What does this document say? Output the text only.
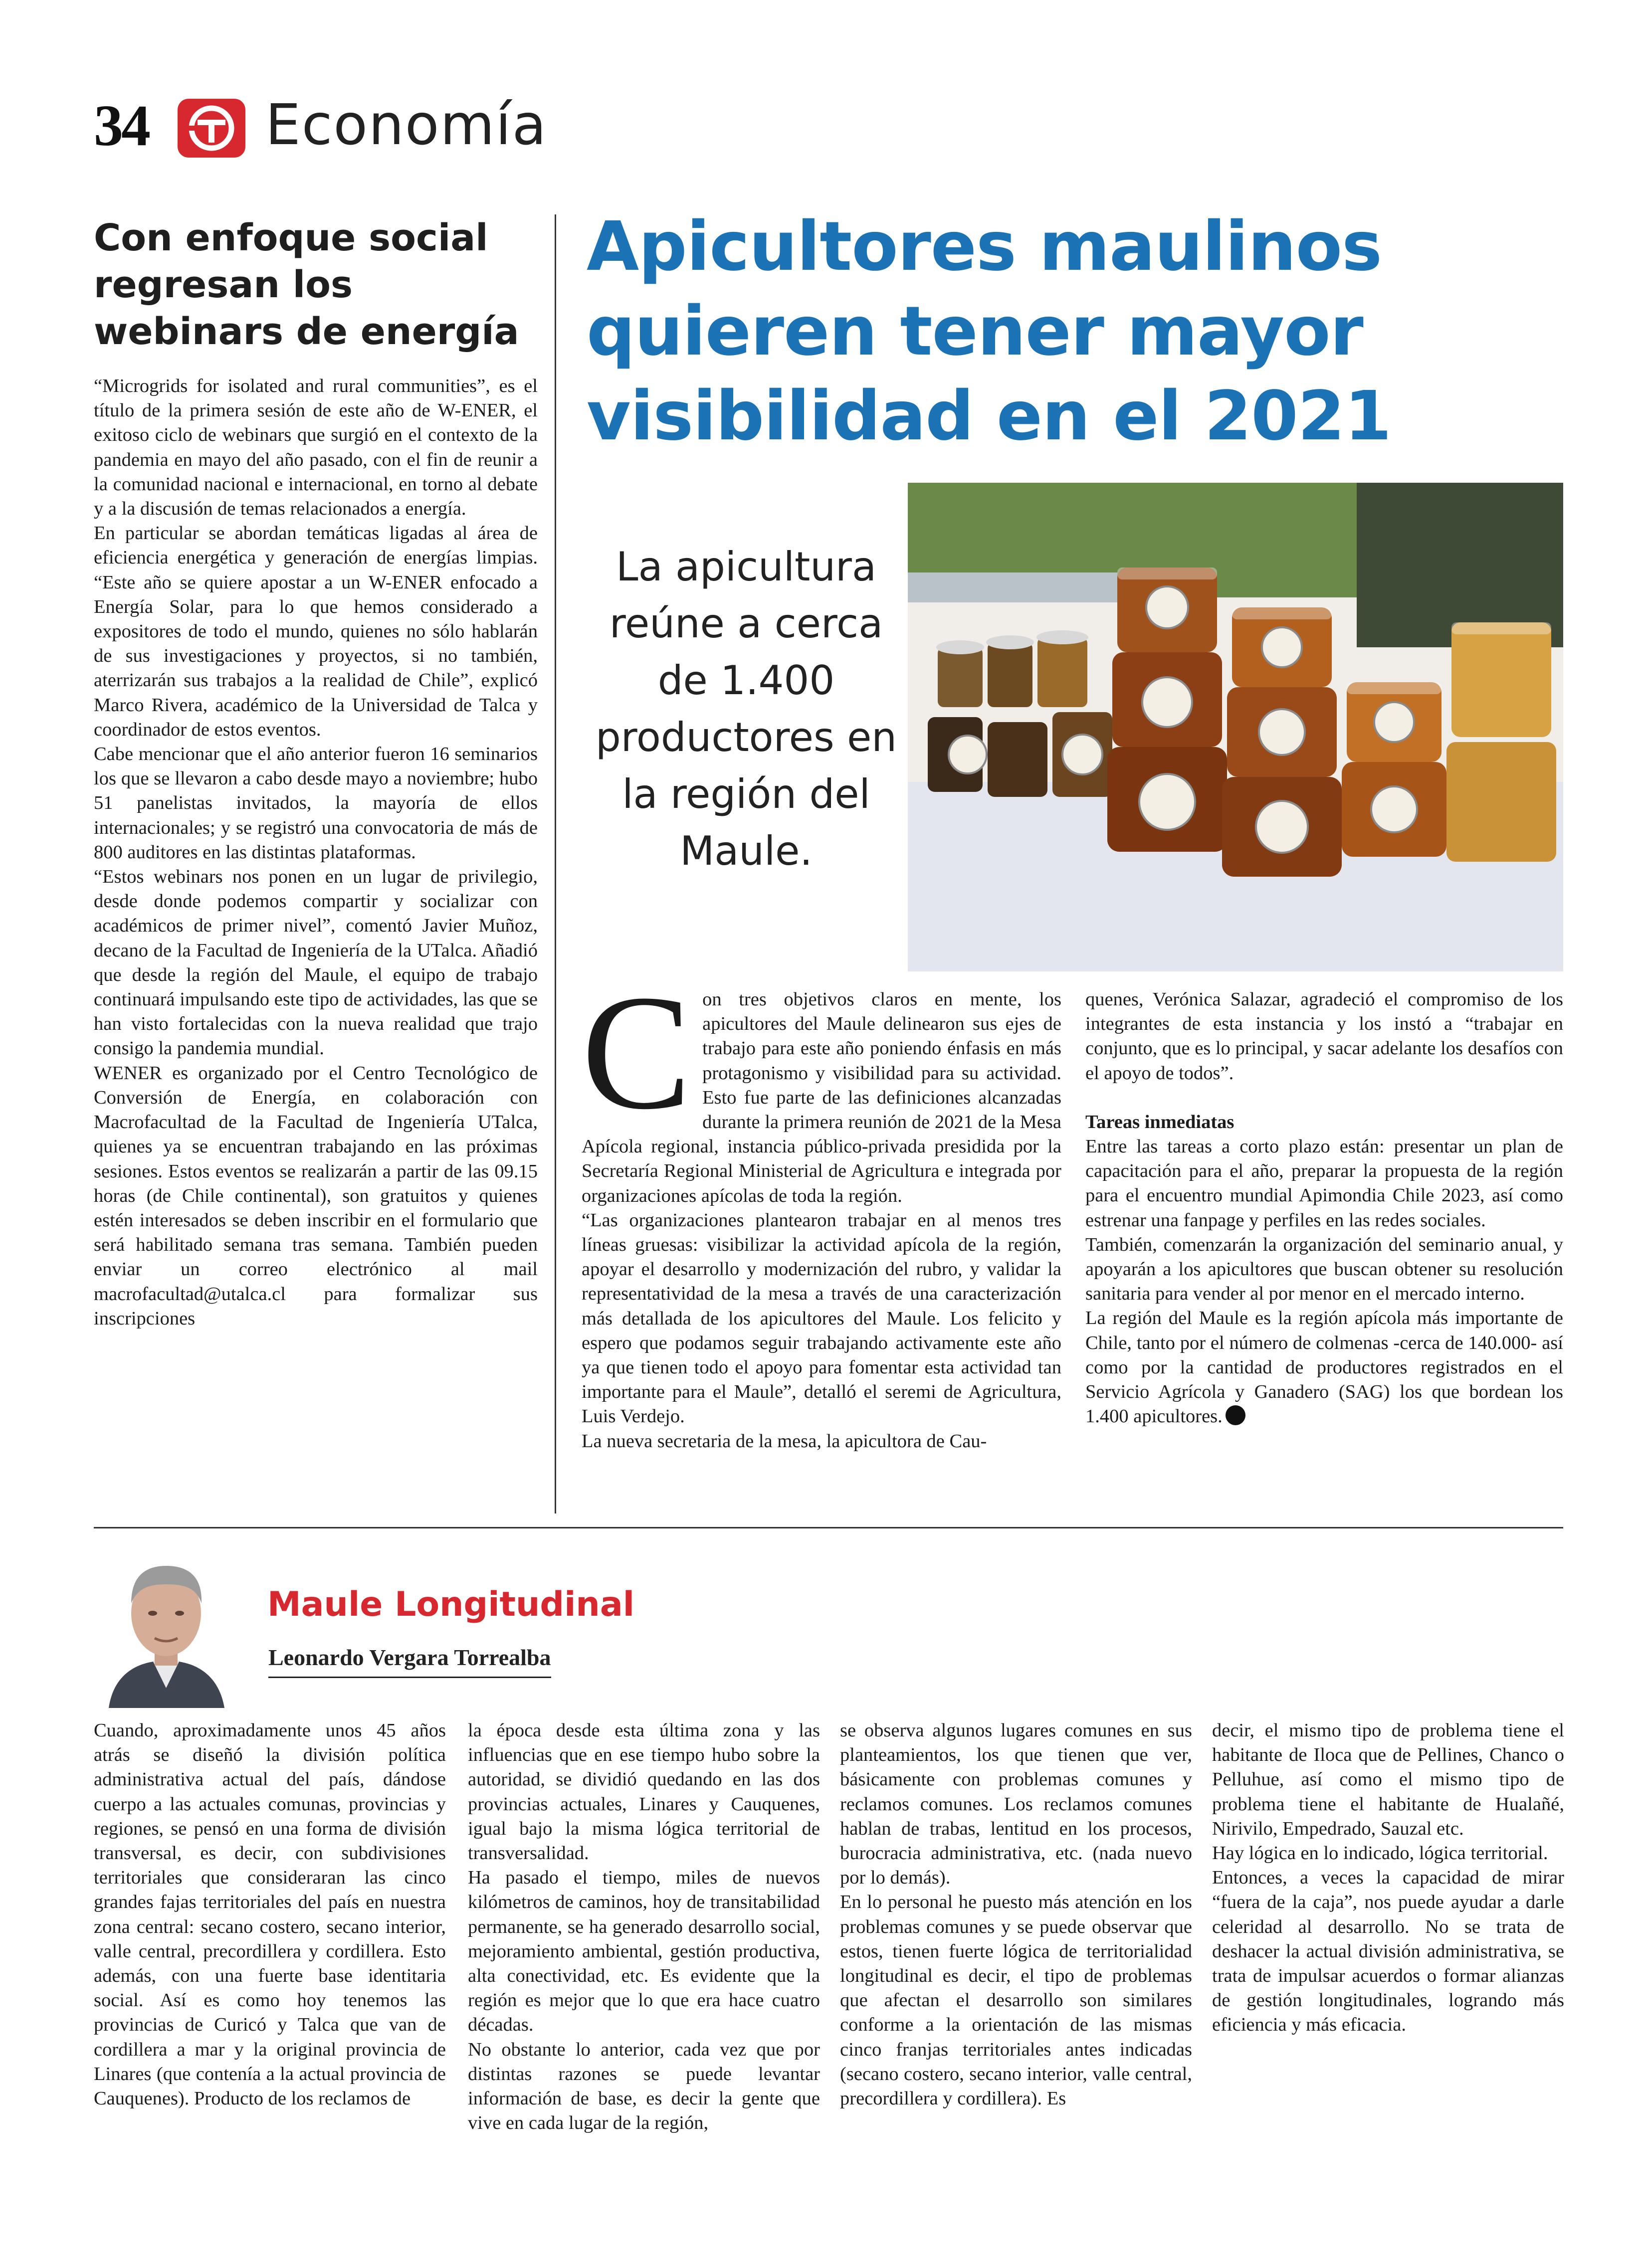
34 Economía
Con enfoque social regresan los webinars de energía

“Microgrids for isolated and rural communities”, es el título de la primera sesión de este año de W-ENER, el exitoso ciclo de webinars que surgió en el contexto de la pandemia en mayo del año pasado, con el fin de reunir a la comunidad nacional e internacional, en torno al debate y a la discusión de temas relacionados a energía.

En particular se abordan temáticas ligadas al área de eficiencia energética y generación de energías limpias. “Este año se quiere apostar a un W-ENER enfocado a Energía Solar, para lo que hemos considerado a expositores de todo el mundo, quienes no sólo hablarán de sus investigaciones y proyectos, si no también, aterrizarán sus trabajos a la realidad de Chile”, explicó Marco Rivera, académico de la Universidad de Talca y coordinador de estos eventos.

Cabe mencionar que el año anterior fueron 16 seminarios los que se llevaron a cabo desde mayo a noviembre; hubo 51 panelistas invitados, la mayoría de ellos internacionales; y se registró una convocatoria de más de 800 auditores en las distintas plataformas.

“Estos webinars nos ponen en un lugar de privilegio, desde donde podemos compartir y socializar con académicos de primer nivel”, comentó Javier Muñoz, decano de la Facultad de Ingeniería de la UTalca. Añadió que desde la región del Maule, el equipo de trabajo continuará impulsando este tipo de actividades, las que se han visto fortalecidas con la nueva realidad que trajo consigo la pandemia mundial.

WENER es organizado por el Centro Tecnológico de Conversión de Energía, en colaboración con Macrofacultad de la Facultad de Ingeniería UTalca, quienes ya se encuentran trabajando en las próximas sesiones. Estos eventos se realizarán a partir de las 09.15 horas (de Chile continental), son gratuitos y quienes estén interesados se deben inscribir en el formulario que será habilitado semana tras semana. También pueden enviar un correo electrónico al mail macrofacultad@utalca.cl para formalizar sus inscripciones

Apicultores maulinos quieren tener mayor visibilidad en el 2021
La apicultura reúne a cerca de 1.400 productores en la región del Maule.
C on tres objetivos claros en mente, los apicultores del Maule delinearon sus ejes de trabajo para este año poniendo énfasis en más protagonismo y visibilidad para su actividad. Esto fue parte de las definiciones alcanzadas durante la primera reunión de 2021 de la Mesa Apícola regional, instancia público-privada presidida por la Secretaría Regional Ministerial de Agricultura e integrada por organizaciones apícolas de toda la región.

“Las organizaciones plantearon trabajar en al menos tres líneas gruesas: visibilizar la actividad apícola de la región, apoyar el desarrollo y modernización del rubro, y validar la representatividad de la mesa a través de una caracterización más detallada de los apicultores del Maule. Los felicito y espero que podamos seguir trabajando activamente este año ya que tienen todo el apoyo para fomentar esta actividad tan importante para el Maule”, detalló el seremi de Agricultura, Luis Verdejo.

La nueva secretaria de la mesa, la apicultora de Cau-

quenes, Verónica Salazar, agradeció el compromiso de los integrantes de esta instancia y los instó a “trabajar en conjunto, que es lo principal, y sacar adelante los desafíos con el apoyo de todos”.

Tareas inmediatas

Entre las tareas a corto plazo están: presentar un plan de capacitación para el año, preparar la propuesta de la región para el encuentro mundial Apimondia Chile 2023, así como estrenar una fanpage y perfiles en las redes sociales.

También, comenzarán la organización del seminario anual, y apoyarán a los apicultores que buscan obtener su resolución sanitaria para vender al por menor en el mercado interno.

La región del Maule es la región apícola más importante de Chile, tanto por el número de colmenas -cerca de 140.000- así como por la cantidad de productores registrados en el Servicio Agrícola y Ganadero (SAG) los que bordean los 1.400 apicultores.

Maule Longitudinal
Leonardo Vergara Torrealba

Cuando, aproximadamente unos 45 años atrás se diseñó la división política administrativa actual del país, dándose cuerpo a las actuales comunas, provincias y regiones, se pensó en una forma de división transversal, es decir, con subdivisiones territoriales que consideraran las cinco grandes fajas territoriales del país en nuestra zona central: secano costero, secano interior, valle central, precordillera y cordillera. Esto además, con una fuerte base identitaria social. Así es como hoy tenemos las provincias de Curicó y Talca que van de cordillera a mar y la original provincia de Linares (que contenía a la actual provincia de Cauquenes). Producto de los reclamos de

la época desde esta última zona y las influencias que en ese tiempo hubo sobre la autoridad, se dividió quedando en las dos provincias actuales, Linares y Cauquenes, igual bajo la misma lógica territorial de transversalidad.

Ha pasado el tiempo, miles de nuevos kilómetros de caminos, hoy de transitabilidad permanente, se ha generado desarrollo social, mejoramiento ambiental, gestión productiva, alta conectividad, etc. Es evidente que la región es mejor que lo que era hace cuatro décadas.

No obstante lo anterior, cada vez que por distintas razones se puede levantar información de base, es decir la gente que vive en cada lugar de la región,

se observa algunos lugares comunes en sus planteamientos, los que tienen que ver, básicamente con problemas comunes y reclamos comunes. Los reclamos comunes hablan de trabas, lentitud en los procesos, burocracia administrativa, etc. (nada nuevo por lo demás).

En lo personal he puesto más atención en los problemas comunes y se puede observar que estos, tienen fuerte lógica de territorialidad longitudinal es decir, el tipo de problemas que afectan el desarrollo son similares conforme a la orientación de las mismas cinco franjas territoriales antes indicadas (secano costero, secano interior, valle central, precordillera y cordillera). Es

decir, el mismo tipo de problema tiene el habitante de Iloca que de Pellines, Chanco o Pelluhue, así como el mismo tipo de problema tiene el habitante de Hualañé, Nirivilo, Empedrado, Sauzal etc.

Hay lógica en lo indicado, lógica territorial.

Entonces, a veces la capacidad de mirar “fuera de la caja”, nos puede ayudar a darle celeridad al desarrollo. No se trata de deshacer la actual división administrativa, se trata de impulsar acuerdos o formar alianzas de gestión longitudinales, logrando más eficiencia y más eficacia.
